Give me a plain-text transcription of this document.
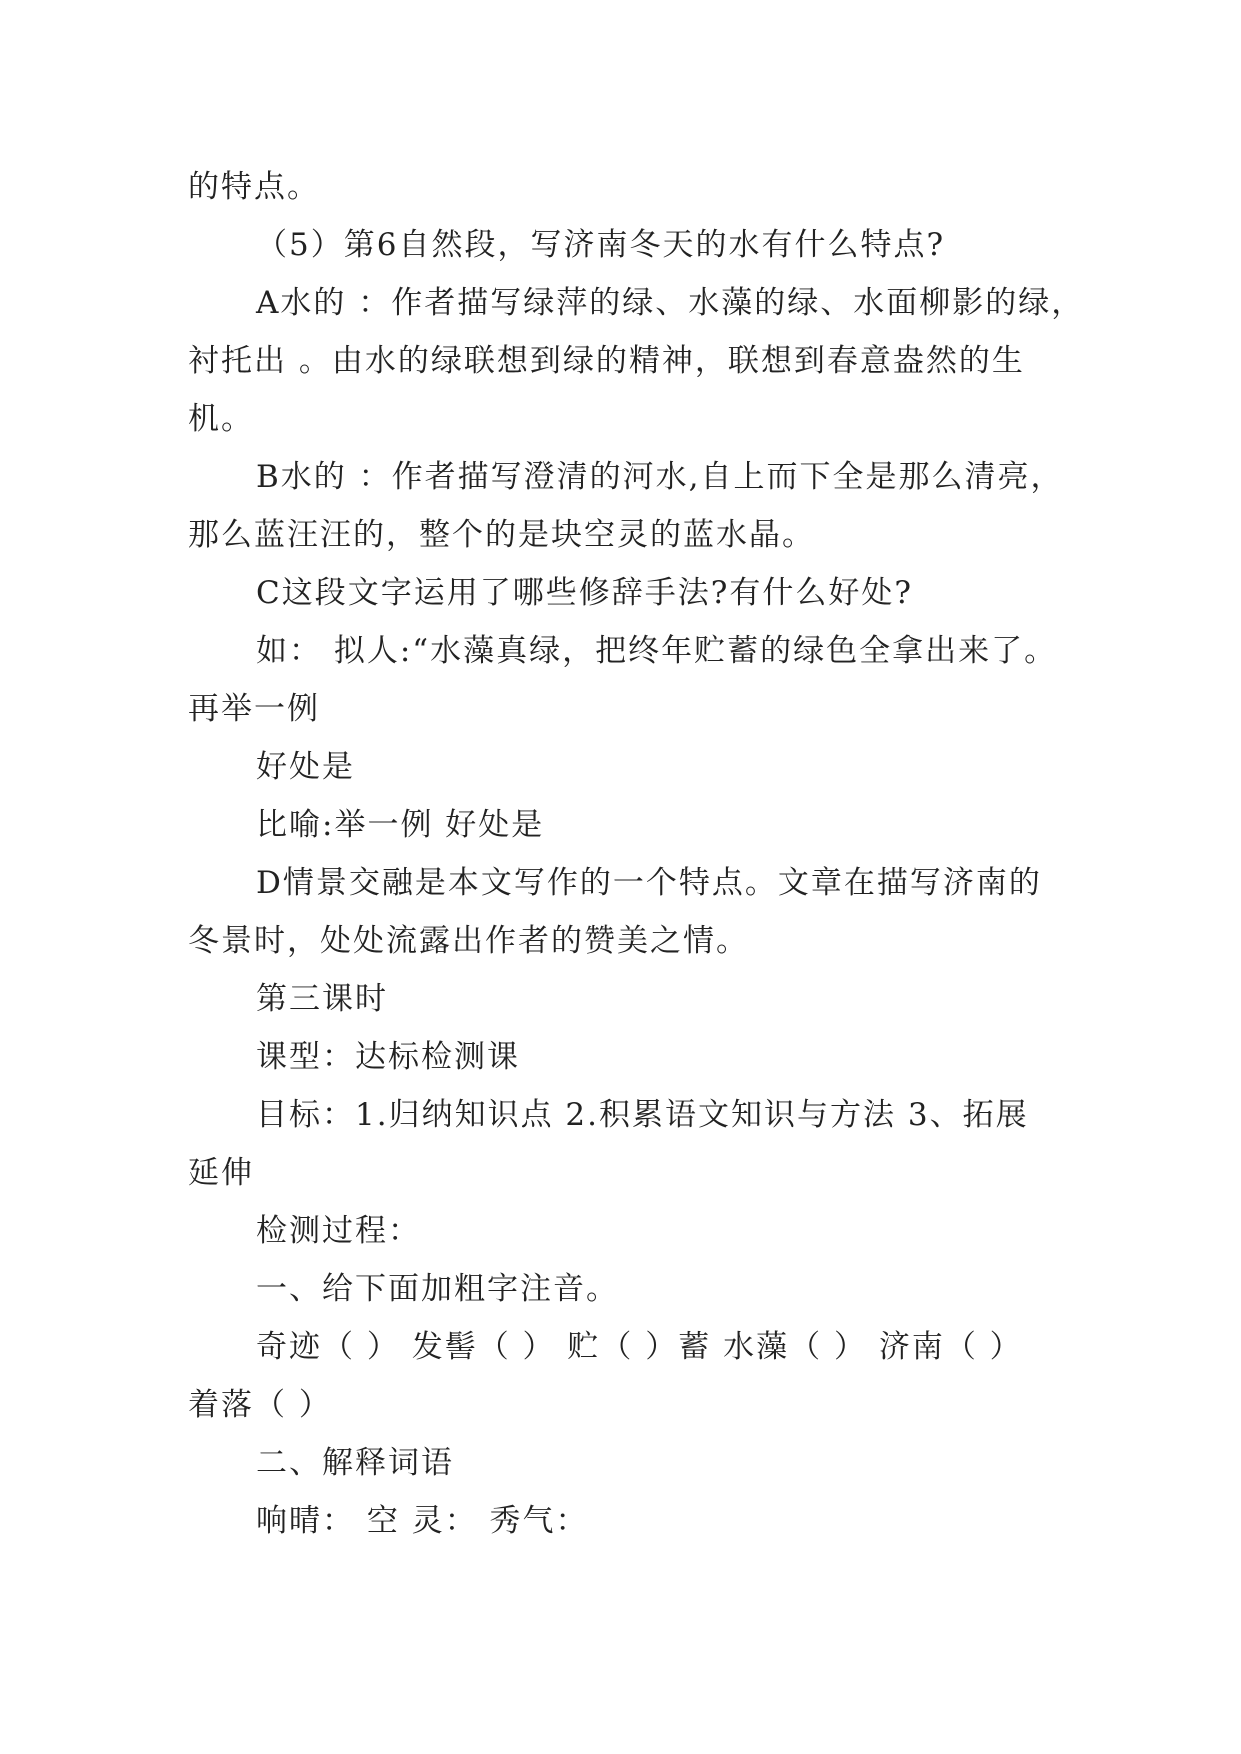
的特点。

（5）第6自然段，写济南冬天的水有什么特点?

A水的 ：作者描写绿萍的绿、水藻的绿、水面柳影的绿，

衬托出 。由水的绿联想到绿的精神，联想到春意盎然的生

机。

B水的 ：作者描写澄清的河水,自上而下全是那么清亮，

那么蓝汪汪的，整个的是块空灵的蓝水晶。

C这段文字运用了哪些修辞手法?有什么好处?

如： 拟人:“水藻真绿，把终年贮蓄的绿色全拿出来了。

再举一例

好处是

比喻:举一例 好处是

D情景交融是本文写作的一个特点。文章在描写济南的

冬景时，处处流露出作者的赞美之情。

第三课时

课型：达标检测课

目标：1.归纳知识点 2.积累语文知识与方法 3、拓展

延伸

检测过程：

一、给下面加粗字注音。

奇迹（ ） 发髻（ ） 贮（ ）蓄 水藻（ ） 济南（ ）

着落（ ）

二、解释词语

响晴： 空 灵： 秀气：
